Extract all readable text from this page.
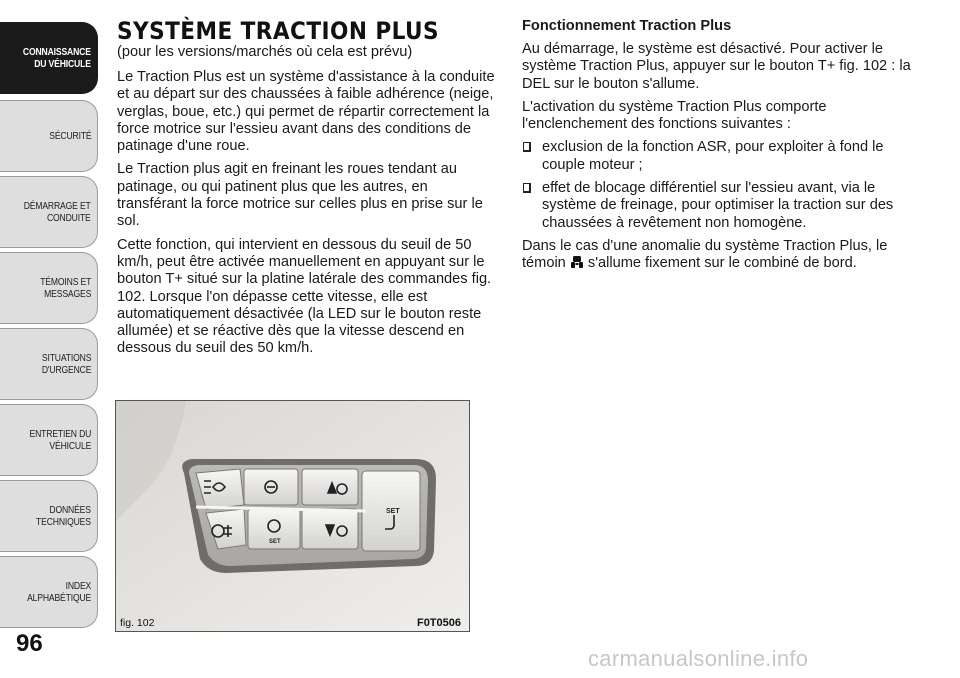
CONNAISSANCE
DU VÉHICULE
SÉCURITÉ
DÉMARRAGE ET
CONDUITE
TÉMOINS ET
MESSAGES
SITUATIONS
D'URGENCE
ENTRETIEN DU
VÉHICULE
DONNÉES
TECHNIQUES
INDEX
ALPHABÉTIQUE
96
SYSTÈME TRACTION PLUS
(pour les versions/marchés où cela est prévu)

Le Traction Plus est un système d'assistance à la conduite et au départ sur des chaussées à faible adhérence (neige, verglas, boue, etc.) qui permet de répartir correctement la force motrice sur l'essieu avant dans des conditions de patinage d'une roue.

Le Traction plus agit en freinant les roues tendant au patinage, ou qui patinent plus que les autres, en transférant la force motrice sur celles plus en prise sur le sol.

Cette fonction, qui intervient en dessous du seuil de 50 km/h, peut être activée manuellement en appuyant sur le bouton T+ situé sur la platine latérale des commandes fig. 102. Lorsque l'on dépasse cette vitesse, elle est automatiquement désactivée (la LED sur le bouton reste allumée) et se réactive dès que la vitesse descend en dessous du seuil des 50 km/h.

Fonctionnement Traction Plus

Au démarrage, le système est désactivé. Pour activer le système Traction Plus, appuyer sur le bouton T+ fig. 102 : la DEL sur le bouton s'allume.

L'activation du système Traction Plus comporte l'enclenchement des fonctions suivantes :

exclusion de la fonction ASR, pour exploiter à fond le couple moteur ;
effet de blocage différentiel sur l'essieu avant, via le système de freinage, pour optimiser la traction sur des chaussées à revêtement non homogène.

Dans le cas d'une anomalie du système Traction Plus, le témoin  s'allume fixement sur le combiné de bord.

SET
SET
fig. 102	F0T0506
carmanualsonline.info
